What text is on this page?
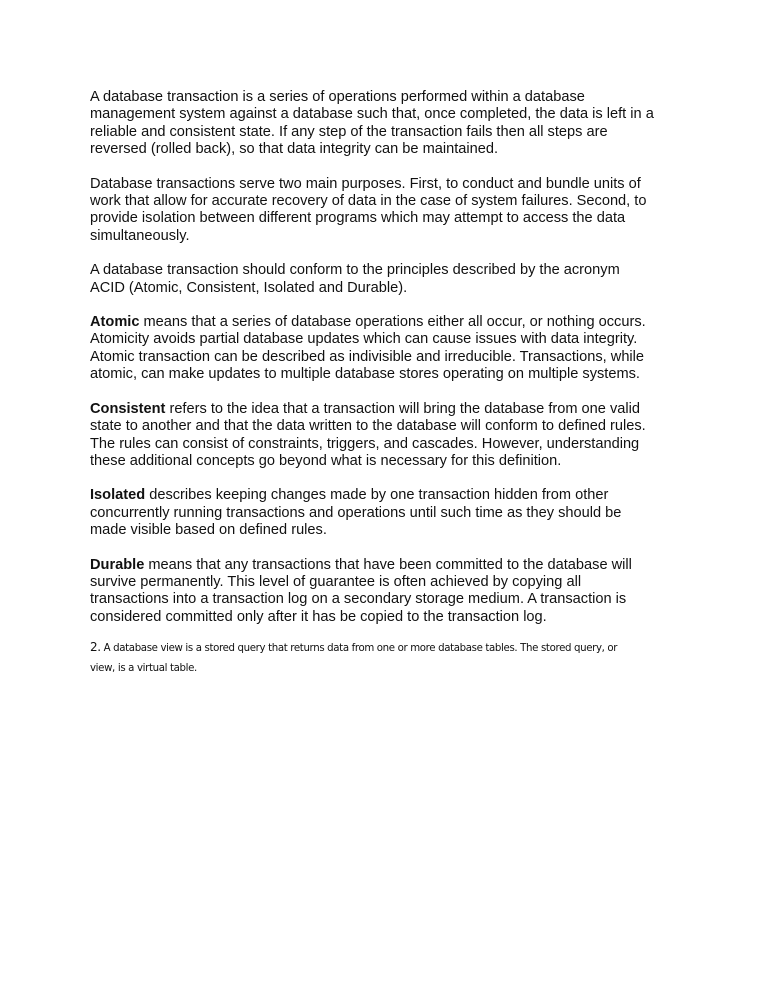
A database transaction is a series of operations performed within a database
management system against a database such that, once completed, the data is left in a
reliable and consistent state. If any step of the transaction fails then all steps are
reversed (rolled back), so that data integrity can be maintained.

Database transactions serve two main purposes. First, to conduct and bundle units of
work that allow for accurate recovery of data in the case of system failures. Second, to
provide isolation between different programs which may attempt to access the data
simultaneously.

A database transaction should conform to the principles described by the acronym
ACID (Atomic, Consistent, Isolated and Durable).

Atomic means that a series of database operations either all occur, or nothing occurs.
Atomicity avoids partial database updates which can cause issues with data integrity.
Atomic transaction can be described as indivisible and irreducible. Transactions, while
atomic, can make updates to multiple database stores operating on multiple systems.

Consistent refers to the idea that a transaction will bring the database from one valid
state to another and that the data written to the database will conform to defined rules.
The rules can consist of constraints, triggers, and cascades. However, understanding
these additional concepts go beyond what is necessary for this definition.

Isolated describes keeping changes made by one transaction hidden from other
concurrently running transactions and operations until such time as they should be
made visible based on defined rules.

Durable means that any transactions that have been committed to the database will
survive permanently. This level of guarantee is often achieved by copying all
transactions into a transaction log on a secondary storage medium. A transaction is
considered committed only after it has be copied to the transaction log.

2. A database view is a stored query that returns data from one or more database tables. The stored query, or
view, is a virtual table.
